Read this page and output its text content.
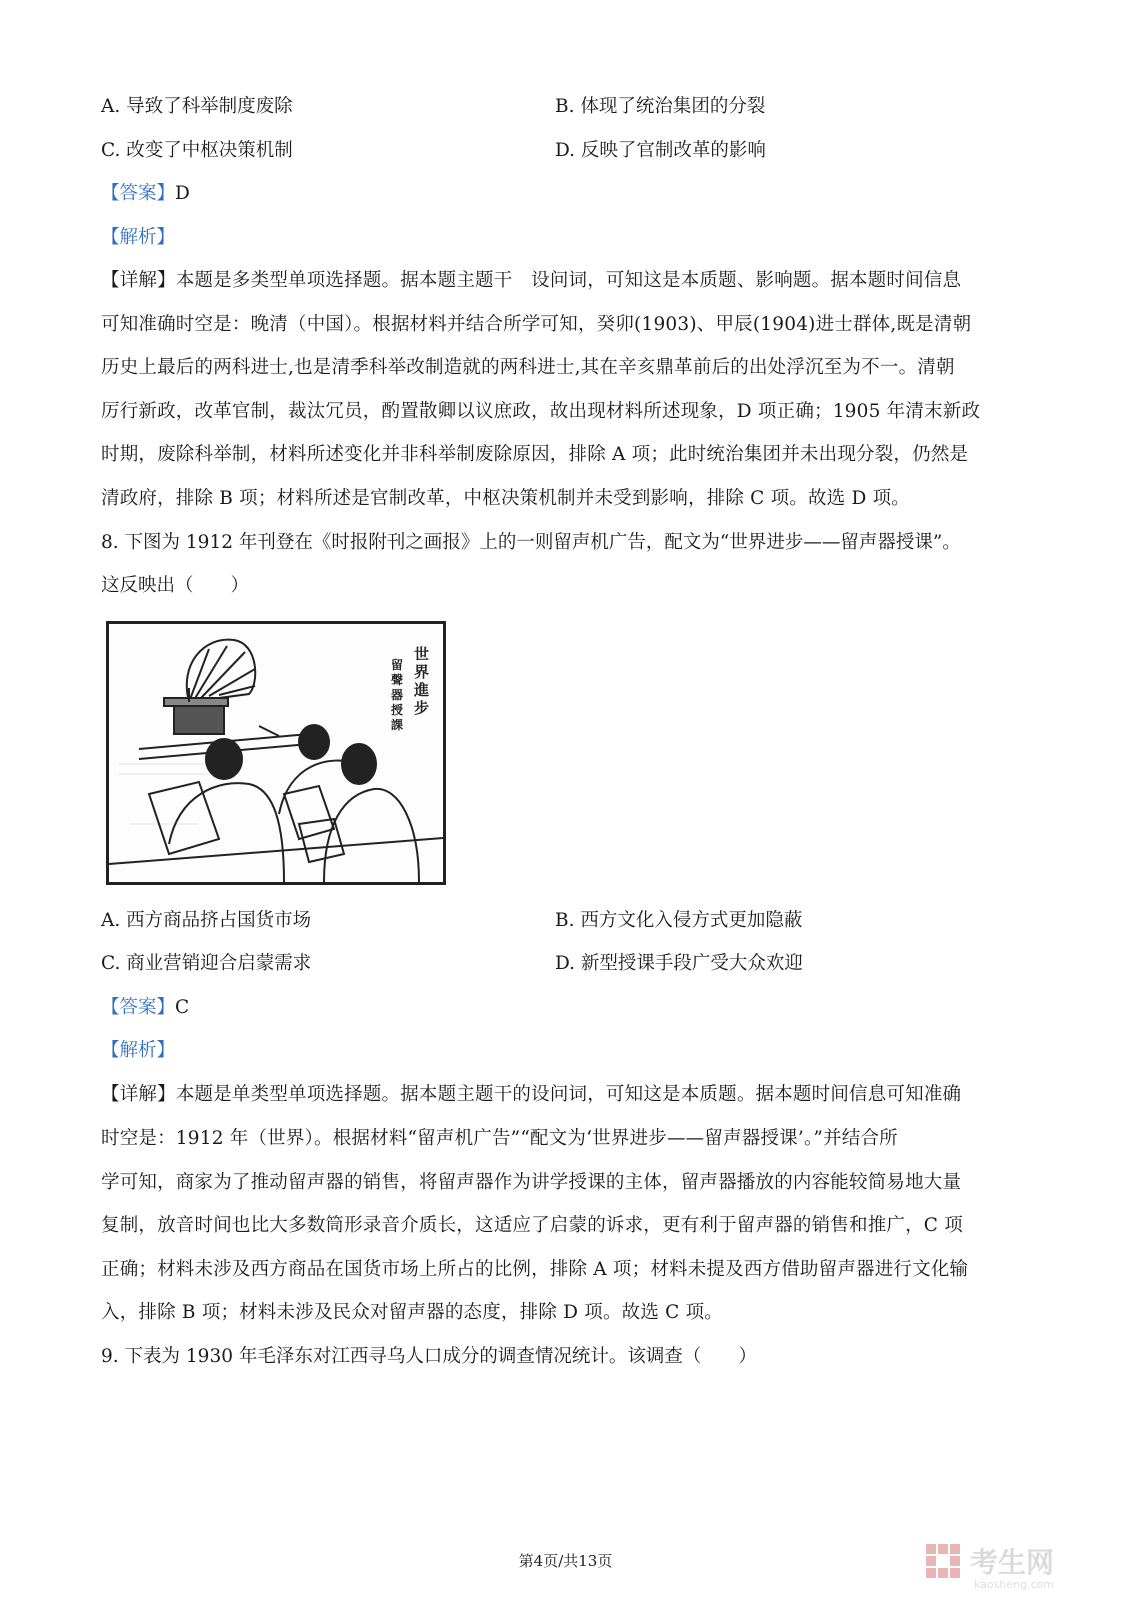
A. 导致了科举制度废除	B. 体现了统治集团的分裂
C. 改变了中枢决策机制	D. 反映了官制改革的影响
【答案】D
【解析】
【详解】本题是多类型单项选择题。据本题主题干　设问词，可知这是本质题、影响题。据本题时间信息
可知准确时空是：晚清（中国）。根据材料并结合所学可知，癸卯(1903)、甲辰(1904)进士群体,既是清朝
历史上最后的两科进士,也是清季科举改制造就的两科进士,其在辛亥鼎革前后的出处浮沉至为不一。清朝
厉行新政，改革官制，裁汰冗员，酌置散卿以议庶政，故出现材料所述现象，D 项正确；1905 年清末新政
时期，废除科举制，材料所述变化并非科举制废除原因，排除 A 项；此时统治集团并未出现分裂，仍然是
清政府，排除 B 项；材料所述是官制改革，中枢决策机制并未受到影响，排除 C 项。故选 D 项。
8. 下图为 1912 年刊登在《时报附刊之画报》上的一则留声机广告，配文为“世界进步——留声器授课”。
这反映出（　　）
世界進步
留聲器授課
A. 西方商品挤占国货市场	B. 西方文化入侵方式更加隐蔽
C. 商业营销迎合启蒙需求	D. 新型授课手段广受大众欢迎
【答案】C
【解析】
【详解】本题是单类型单项选择题。据本题主题干的设问词，可知这是本质题。据本题时间信息可知准确
时空是：1912 年（世界）。根据材料“留声机广告”“配文为‘世界进步——留声器授课’。”并结合所
学可知，商家为了推动留声器的销售，将留声器作为讲学授课的主体，留声器播放的内容能较简易地大量
复制，放音时间也比大多数筒形录音介质长，这适应了启蒙的诉求，更有利于留声器的销售和推广，C 项
正确；材料未涉及西方商品在国货市场上所占的比例，排除 A 项；材料未提及西方借助留声器进行文化输
入，排除 B 项；材料未涉及民众对留声器的态度，排除 D 项。故选 C 项。
9. 下表为 1930 年毛泽东对江西寻乌人口成分的调查情况统计。该调查（　　）
第4页/共13页	考生网
kaosheng.com
